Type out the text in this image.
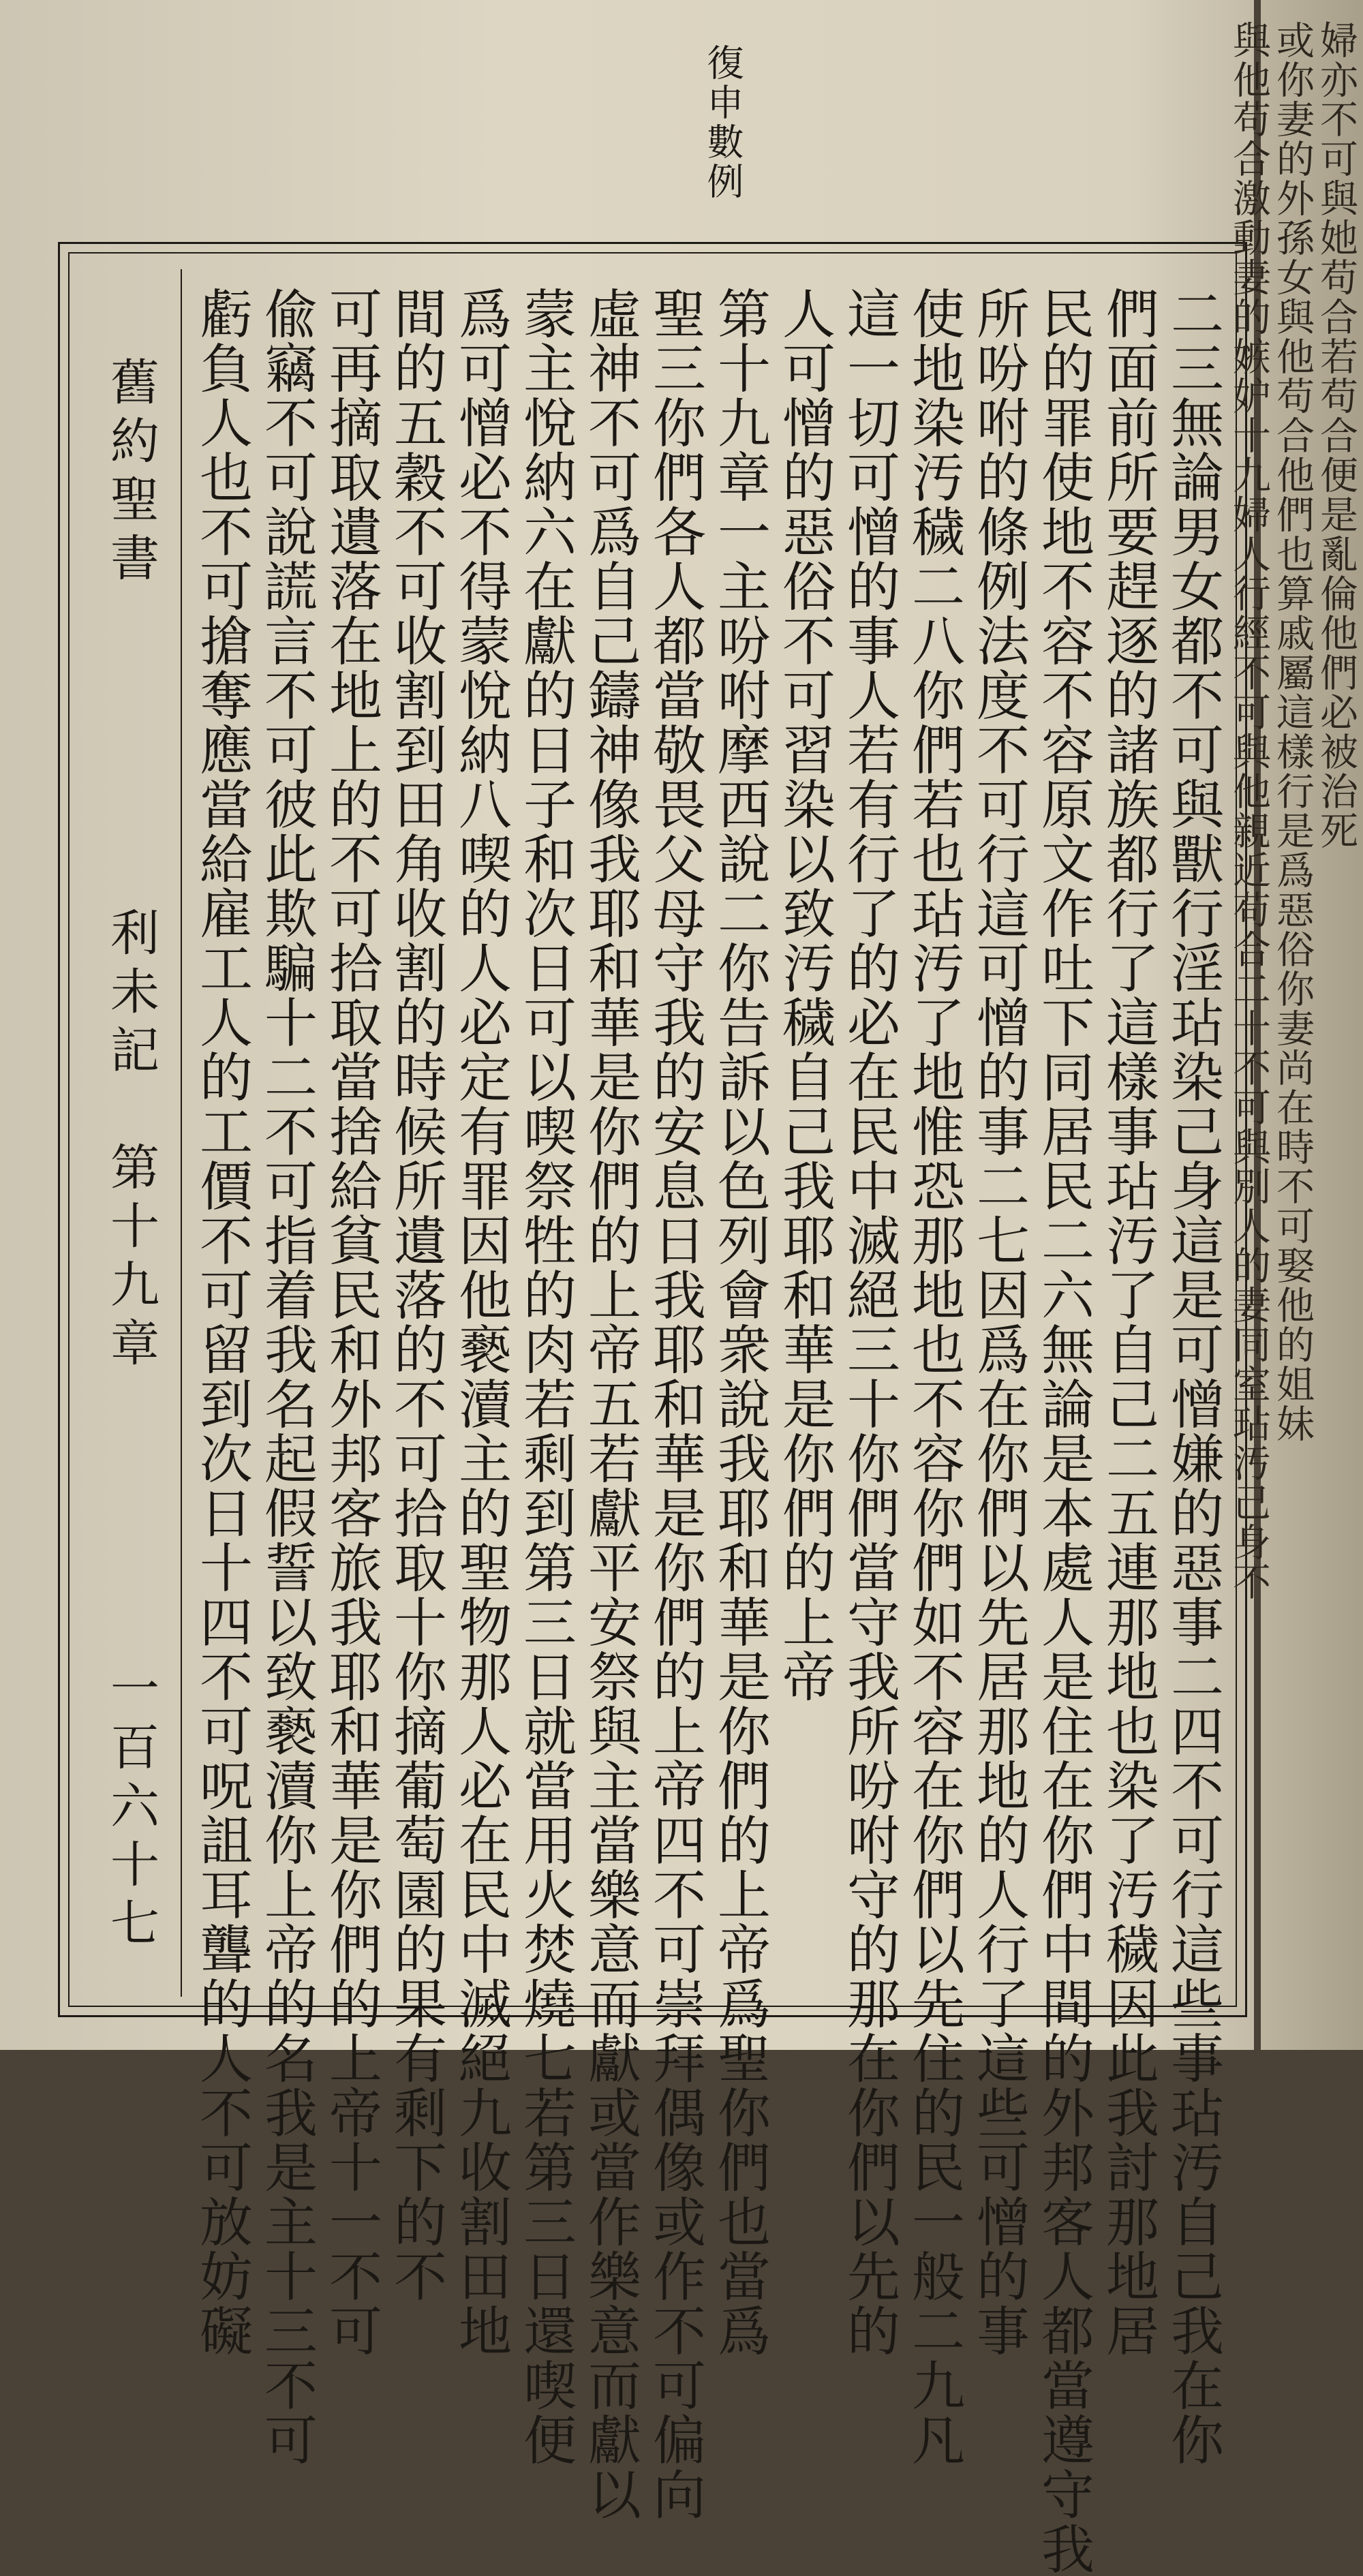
復申數例
舊約聖書
利未記　第十九章
一百六十七	二三無論男女都不可與獸行淫玷染己身這是可憎嫌的惡事二四不可行這些事玷汚自己我在你
們面前所要趕逐的諸族都行了這樣事玷汚了自己二五連那地也染了汚穢因此我討那地居
民的罪使地不容不容原文作吐下同居民二六無論是本處人是住在你們中間的外邦客人都當遵守我
所吩咐的條例法度不可行這可憎的事二七因爲在你們以先居那地的人行了這些可憎的事
使地染汚穢二八你們若也玷汚了地惟恐那地也不容你們如不容在你們以先住的民一般二九凡
這一切可憎的事人若有行了的必在民中滅絕三十你們當守我所吩咐守的那在你們以先的
人可憎的惡俗不可習染以致汚穢自己我耶和華是你們的上帝
第十九章一主吩咐摩西說二你告訴以色列會衆說我耶和華是你們的上帝爲聖你們也當爲
聖三你們各人都當敬畏父母守我的安息日我耶和華是你們的上帝四不可崇拜偶像或作不可偏向
虛神不可爲自己鑄神像我耶和華是你們的上帝五若獻平安祭與主當樂意而獻或當作樂意而獻以
蒙主悅納六在獻的日子和次日可以喫祭牲的肉若剩到第三日就當用火焚燒七若第三日還喫便
爲可憎必不得蒙悅納八喫的人必定有罪因他褻瀆主的聖物那人必在民中滅絕九收割田地
間的五穀不可收割到田角收割的時候所遺落的不可拾取十你摘葡萄園的果有剩下的不
可再摘取遺落在地上的不可拾取當捨給貧民和外邦客旅我耶和華是你們的上帝十一不可
偸竊不可說謊言不可彼此欺騙十二不可指着我名起假誓以致褻瀆你上帝的名我是主十三不可
虧負人也不可搶奪應當給雇工人的工價不可留到次日十四不可呪詛耳聾的人不可放妨礙	婦亦不可與她苟合若苟合便是亂倫他們必被治死
或你妻的外孫女與他苟合他們也算戚屬這樣行是爲惡俗你妻尚在時不可娶他的姐妹
與他苟合激動妻的嫉妒十九婦人行經不可與他親近苟合二十不可與別人的妻同室玷汚己身不
